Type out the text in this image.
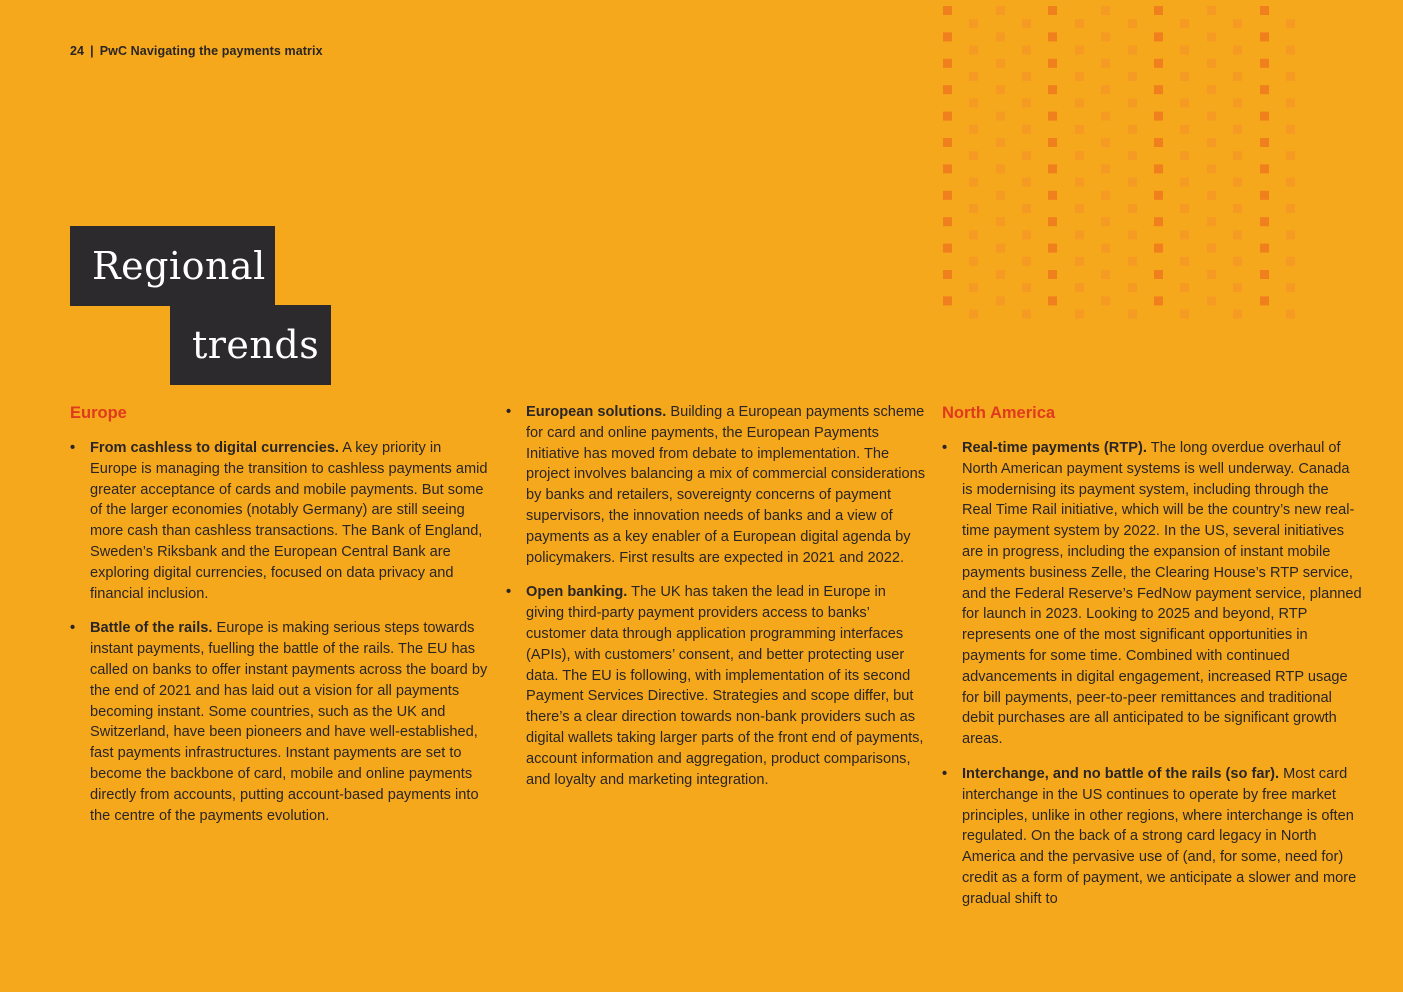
24 | PwC Navigating the payments matrix
Regional
trends
Europe
• From cashless to digital currencies. A key priority in Europe is managing the transition to cashless payments amid greater acceptance of cards and mobile payments. But some of the larger economies (notably Germany) are still seeing more cash than cashless transactions. The Bank of England, Sweden’s Riksbank and the European Central Bank are exploring digital currencies, focused on data privacy and financial inclusion.
• Battle of the rails. Europe is making serious steps towards instant payments, fuelling the battle of the rails. The EU has called on banks to offer instant payments across the board by the end of 2021 and has laid out a vision for all payments becoming instant. Some countries, such as the UK and Switzerland, have been pioneers and have well-established, fast payments infrastructures. Instant payments are set to become the backbone of card, mobile and online payments directly from accounts, putting account-based payments into the centre of the payments evolution.
• European solutions. Building a European payments scheme for card and online payments, the European Payments Initiative has moved from debate to implementation. The project involves balancing a mix of commercial considerations by banks and retailers, sovereignty concerns of payment supervisors, the innovation needs of banks and a view of payments as a key enabler of a European digital agenda by policymakers. First results are expected in 2021 and 2022.
• Open banking. The UK has taken the lead in Europe in giving third-party payment providers access to banks’ customer data through application programming interfaces (APIs), with customers’ consent, and better protecting user data. The EU is following, with implementation of its second Payment Services Directive. Strategies and scope differ, but there’s a clear direction towards non-bank providers such as digital wallets taking larger parts of the front end of payments, account information and aggregation, product comparisons, and loyalty and marketing integration.
North America
• Real-time payments (RTP). The long overdue overhaul of North American payment systems is well underway. Canada is modernising its payment system, including through the Real Time Rail initiative, which will be the country’s new real-time payment system by 2022. In the US, several initiatives are in progress, including the expansion of instant mobile payments business Zelle, the Clearing House’s RTP service, and the Federal Reserve’s FedNow payment service, planned for launch in 2023. Looking to 2025 and beyond, RTP represents one of the most significant opportunities in payments for some time. Combined with continued advancements in digital engagement, increased RTP usage for bill payments, peer-to-peer remittances and traditional debit purchases are all anticipated to be significant growth areas.
• Interchange, and no battle of the rails (so far). Most card interchange in the US continues to operate by free market principles, unlike in other regions, where interchange is often regulated. On the back of a strong card legacy in North America and the pervasive use of (and, for some, need for) credit as a form of payment, we anticipate a slower and more gradual shift to
